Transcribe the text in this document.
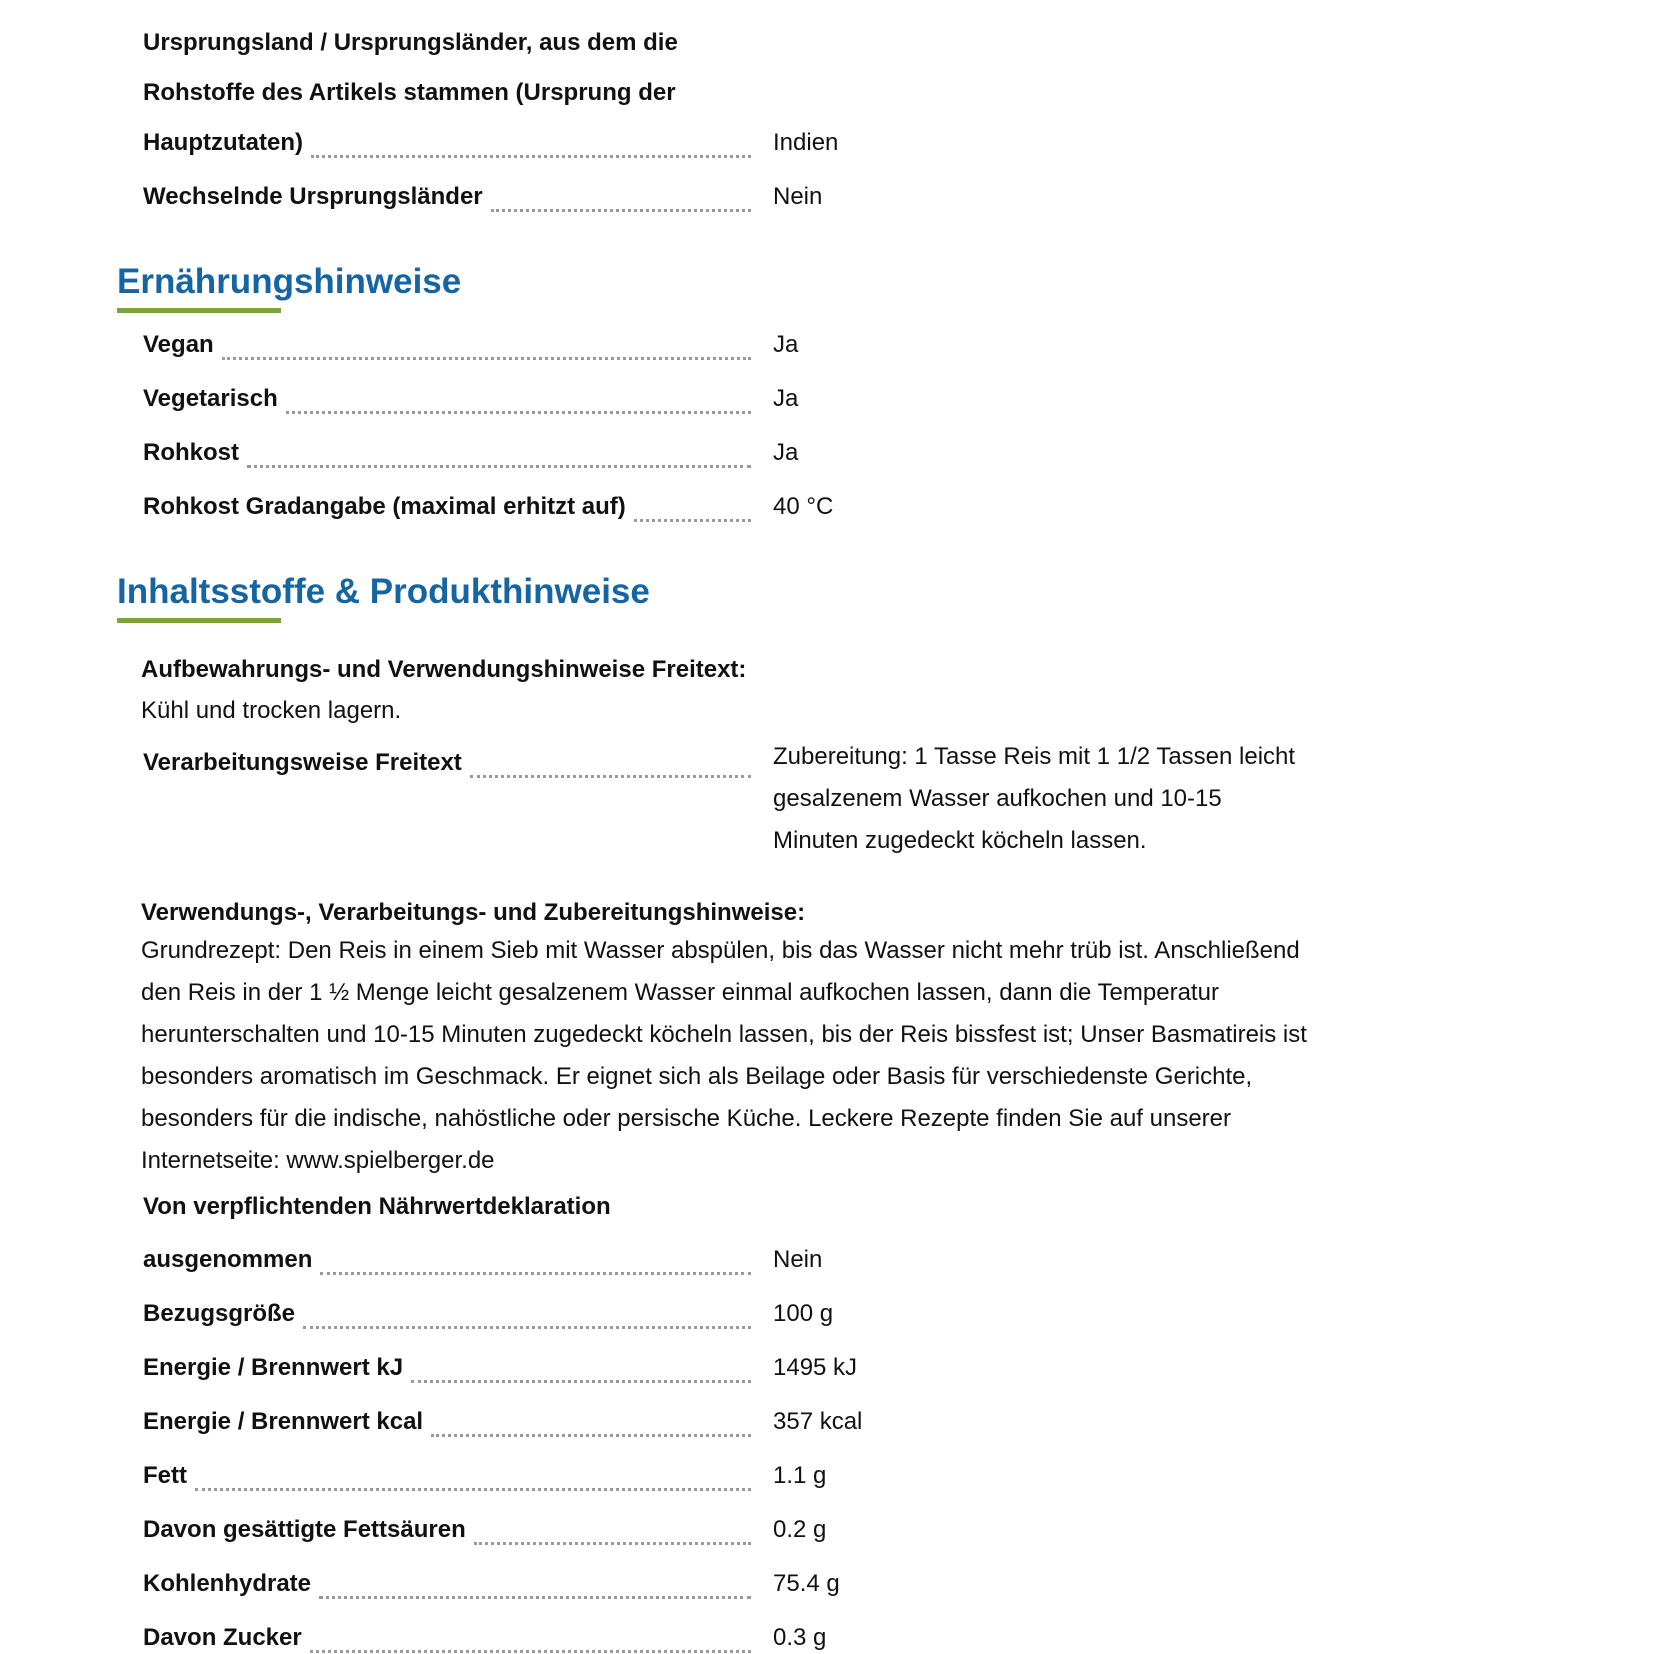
Ursprungsland / Ursprungsländer, aus dem die
Rohstoffe des Artikels stammen (Ursprung der
Hauptzutaten)	Indien
Wechselnde Ursprungsländer	Nein
Ernährungshinweise
Vegan	Ja
Vegetarisch	Ja
Rohkost	Ja
Rohkost Gradangabe (maximal erhitzt auf)	40 °C
Inhaltsstoffe & Produkthinweise
Aufbewahrungs- und Verwendungshinweise Freitext:
Kühl und trocken lagern.
Verarbeitungsweise Freitext	Zubereitung: 1 Tasse Reis mit 1 1/2 Tassen leicht
gesalzenem Wasser aufkochen und 10-15
Minuten zugedeckt köcheln lassen.
Verwendungs-, Verarbeitungs- und Zubereitungshinweise:
Grundrezept: Den Reis in einem Sieb mit Wasser abspülen, bis das Wasser nicht mehr trüb ist. Anschließend
den Reis in der 1 ½ Menge leicht gesalzenem Wasser einmal aufkochen lassen, dann die Temperatur
herunterschalten und 10-15 Minuten zugedeckt köcheln lassen, bis der Reis bissfest ist; Unser Basmatireis ist
besonders aromatisch im Geschmack. Er eignet sich als Beilage oder Basis für verschiedenste Gerichte,
besonders für die indische, nahöstliche oder persische Küche. Leckere Rezepte finden Sie auf unserer
Internetseite: www.spielberger.de
Von verpflichtenden Nährwertdeklaration
ausgenommen	Nein
Bezugsgröße	100 g
Energie / Brennwert kJ	1495 kJ
Energie / Brennwert kcal	357 kcal
Fett	1.1 g
Davon gesättigte Fettsäuren	0.2 g
Kohlenhydrate	75.4 g
Davon Zucker	0.3 g
